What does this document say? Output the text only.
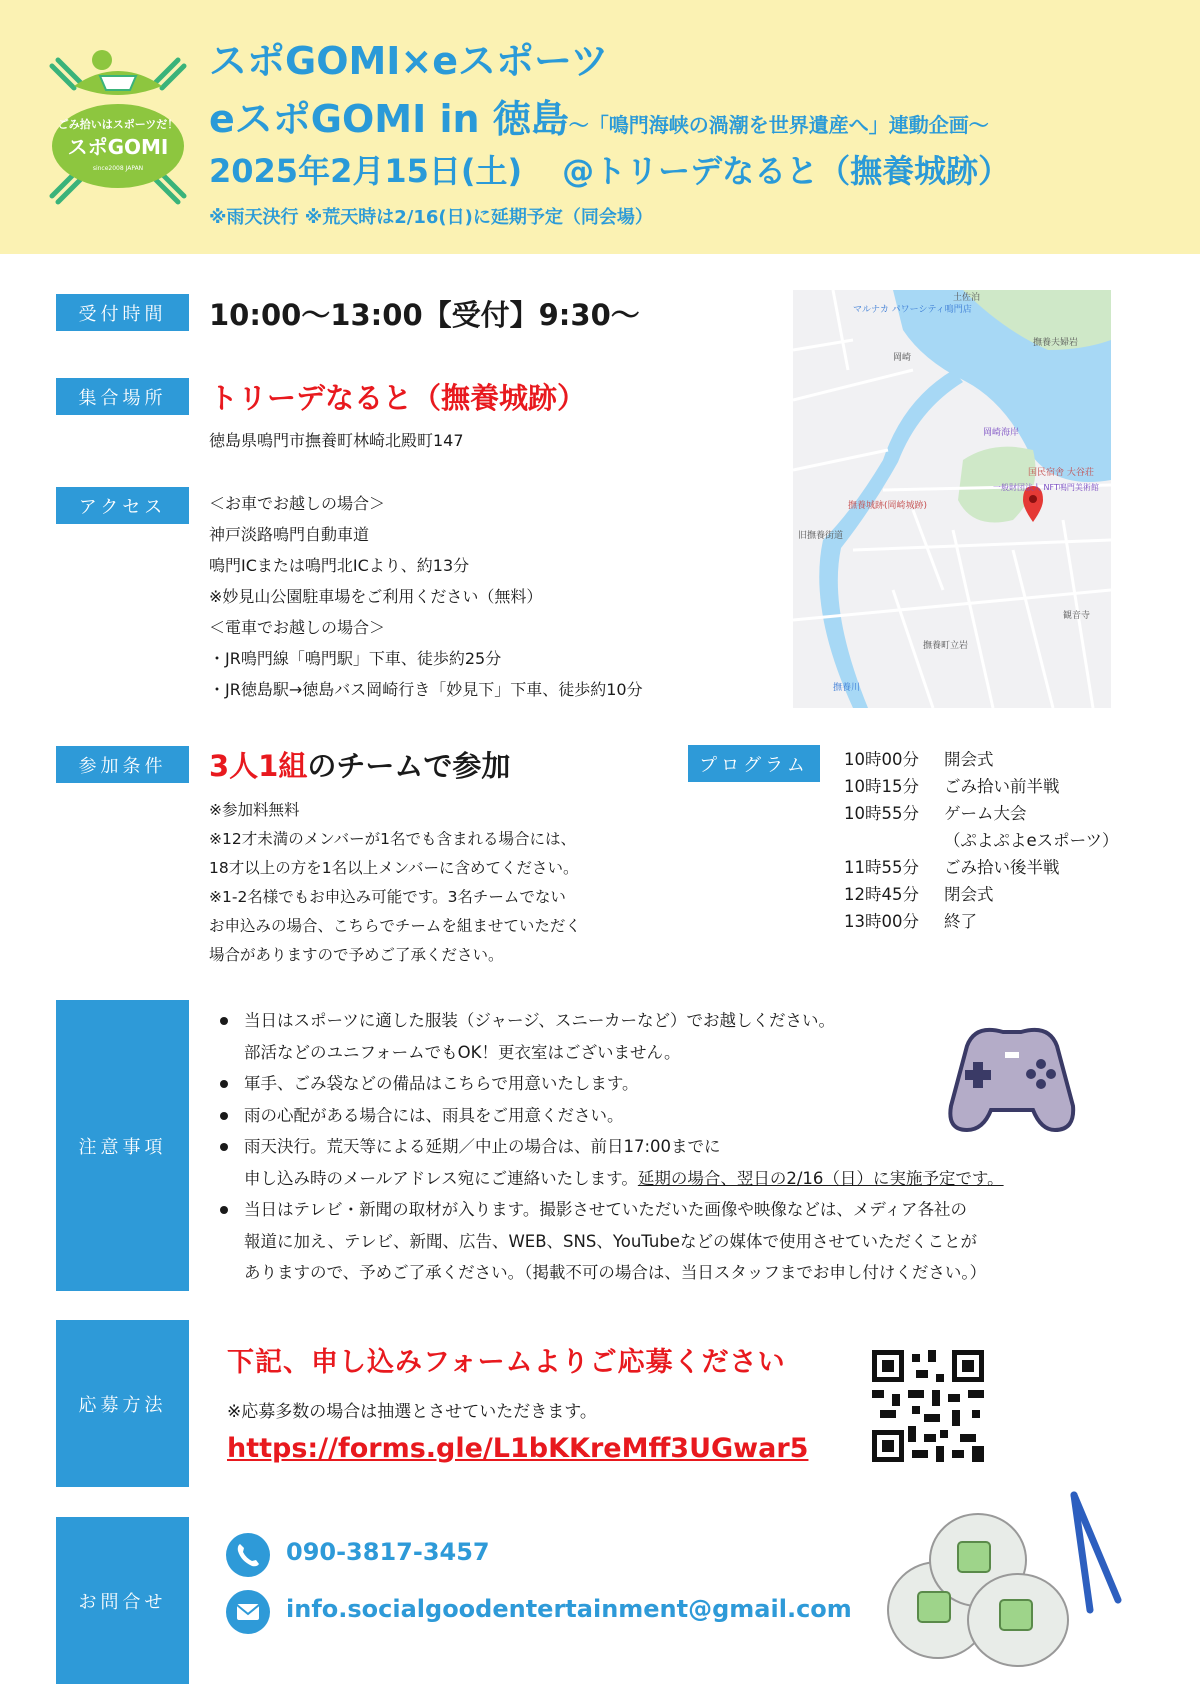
ごみ拾いはスポーツだ！
スポGOMI
since2008 JAPAN
スポGOMI×eスポーツ
eスポGOMI in 徳島～「鳴門海峡の渦潮を世界遺産へ」連動企画～
2025年2月15日(土) @トリーデなると（撫養城跡）
※雨天決行 ※荒天時は2/16(日)に延期予定（同会場）
受付時間	10:00～13:00【受付】9:30～
集合場所	トリーデなると（撫養城跡）
徳島県鳴門市撫養町林崎北殿町147
アクセス	＜お車でお越しの場合＞
神戸淡路鳴門自動車道
鳴門ICまたは鳴門北ICより、約13分
※妙見山公園駐車場をご利用ください（無料）
＜電車でお越しの場合＞
・JR鳴門線「鳴門駅」下車、徒歩約25分
・JR徳島駅→徳島バス岡崎行き「妙見下」下車、徒歩約10分
土佐泊
マルナカ パワーシティ鳴門店
撫養夫婦岩
岡崎
岡崎海岸
国民宿舎 大谷荘
一般財団法人 NFT鳴門美術館
撫養城跡(岡崎城跡)
旧撫養街道
観音寺
撫養町立岩
撫養川
参加条件	3人1組のチームで参加
※参加料無料
※12才未満のメンバーが1名でも含まれる場合には、
18才以上の方を1名以上メンバーに含めてください。
※1-2名様でもお申込み可能です。3名チームでない
お申込みの場合、こちらでチームを組ませていただく
場合がありますので予めご了承ください。
プログラム	10時00分	開会式
10時15分	ごみ拾い前半戦
10時55分	ゲーム大会
（ぷよぷよeスポーツ）
11時55分	ごみ拾い後半戦
12時45分	閉会式
13時00分	終了
注意事項
当日はスポーツに適した服装（ジャージ、スニーカーなど）でお越しください。
部活などのユニフォームでもOK！更衣室はございません。
軍手、ごみ袋などの備品はこちらで用意いたします。
雨の心配がある場合には、雨具をご用意ください。
雨天決行。荒天等による延期／中止の場合は、前日17:00までに
申し込み時のメールアドレス宛にご連絡いたします。延期の場合、翌日の2/16（日）に実施予定です。
当日はテレビ・新聞の取材が入ります。撮影させていただいた画像や映像などは、メディア各社の
報道に加え、テレビ、新聞、広告、WEB、SNS、YouTubeなどの媒体で使用させていただくことが
ありますので、予めご了承ください。（掲載不可の場合は、当日スタッフまでお申し付けください。）
応募方法
下記、申し込みフォームよりご応募ください
※応募多数の場合は抽選とさせていただきます。
https://forms.gle/L1bKKreMff3UGwar5
お問合せ
090-3817-3457
info.socialgoodentertainment@gmail.com
